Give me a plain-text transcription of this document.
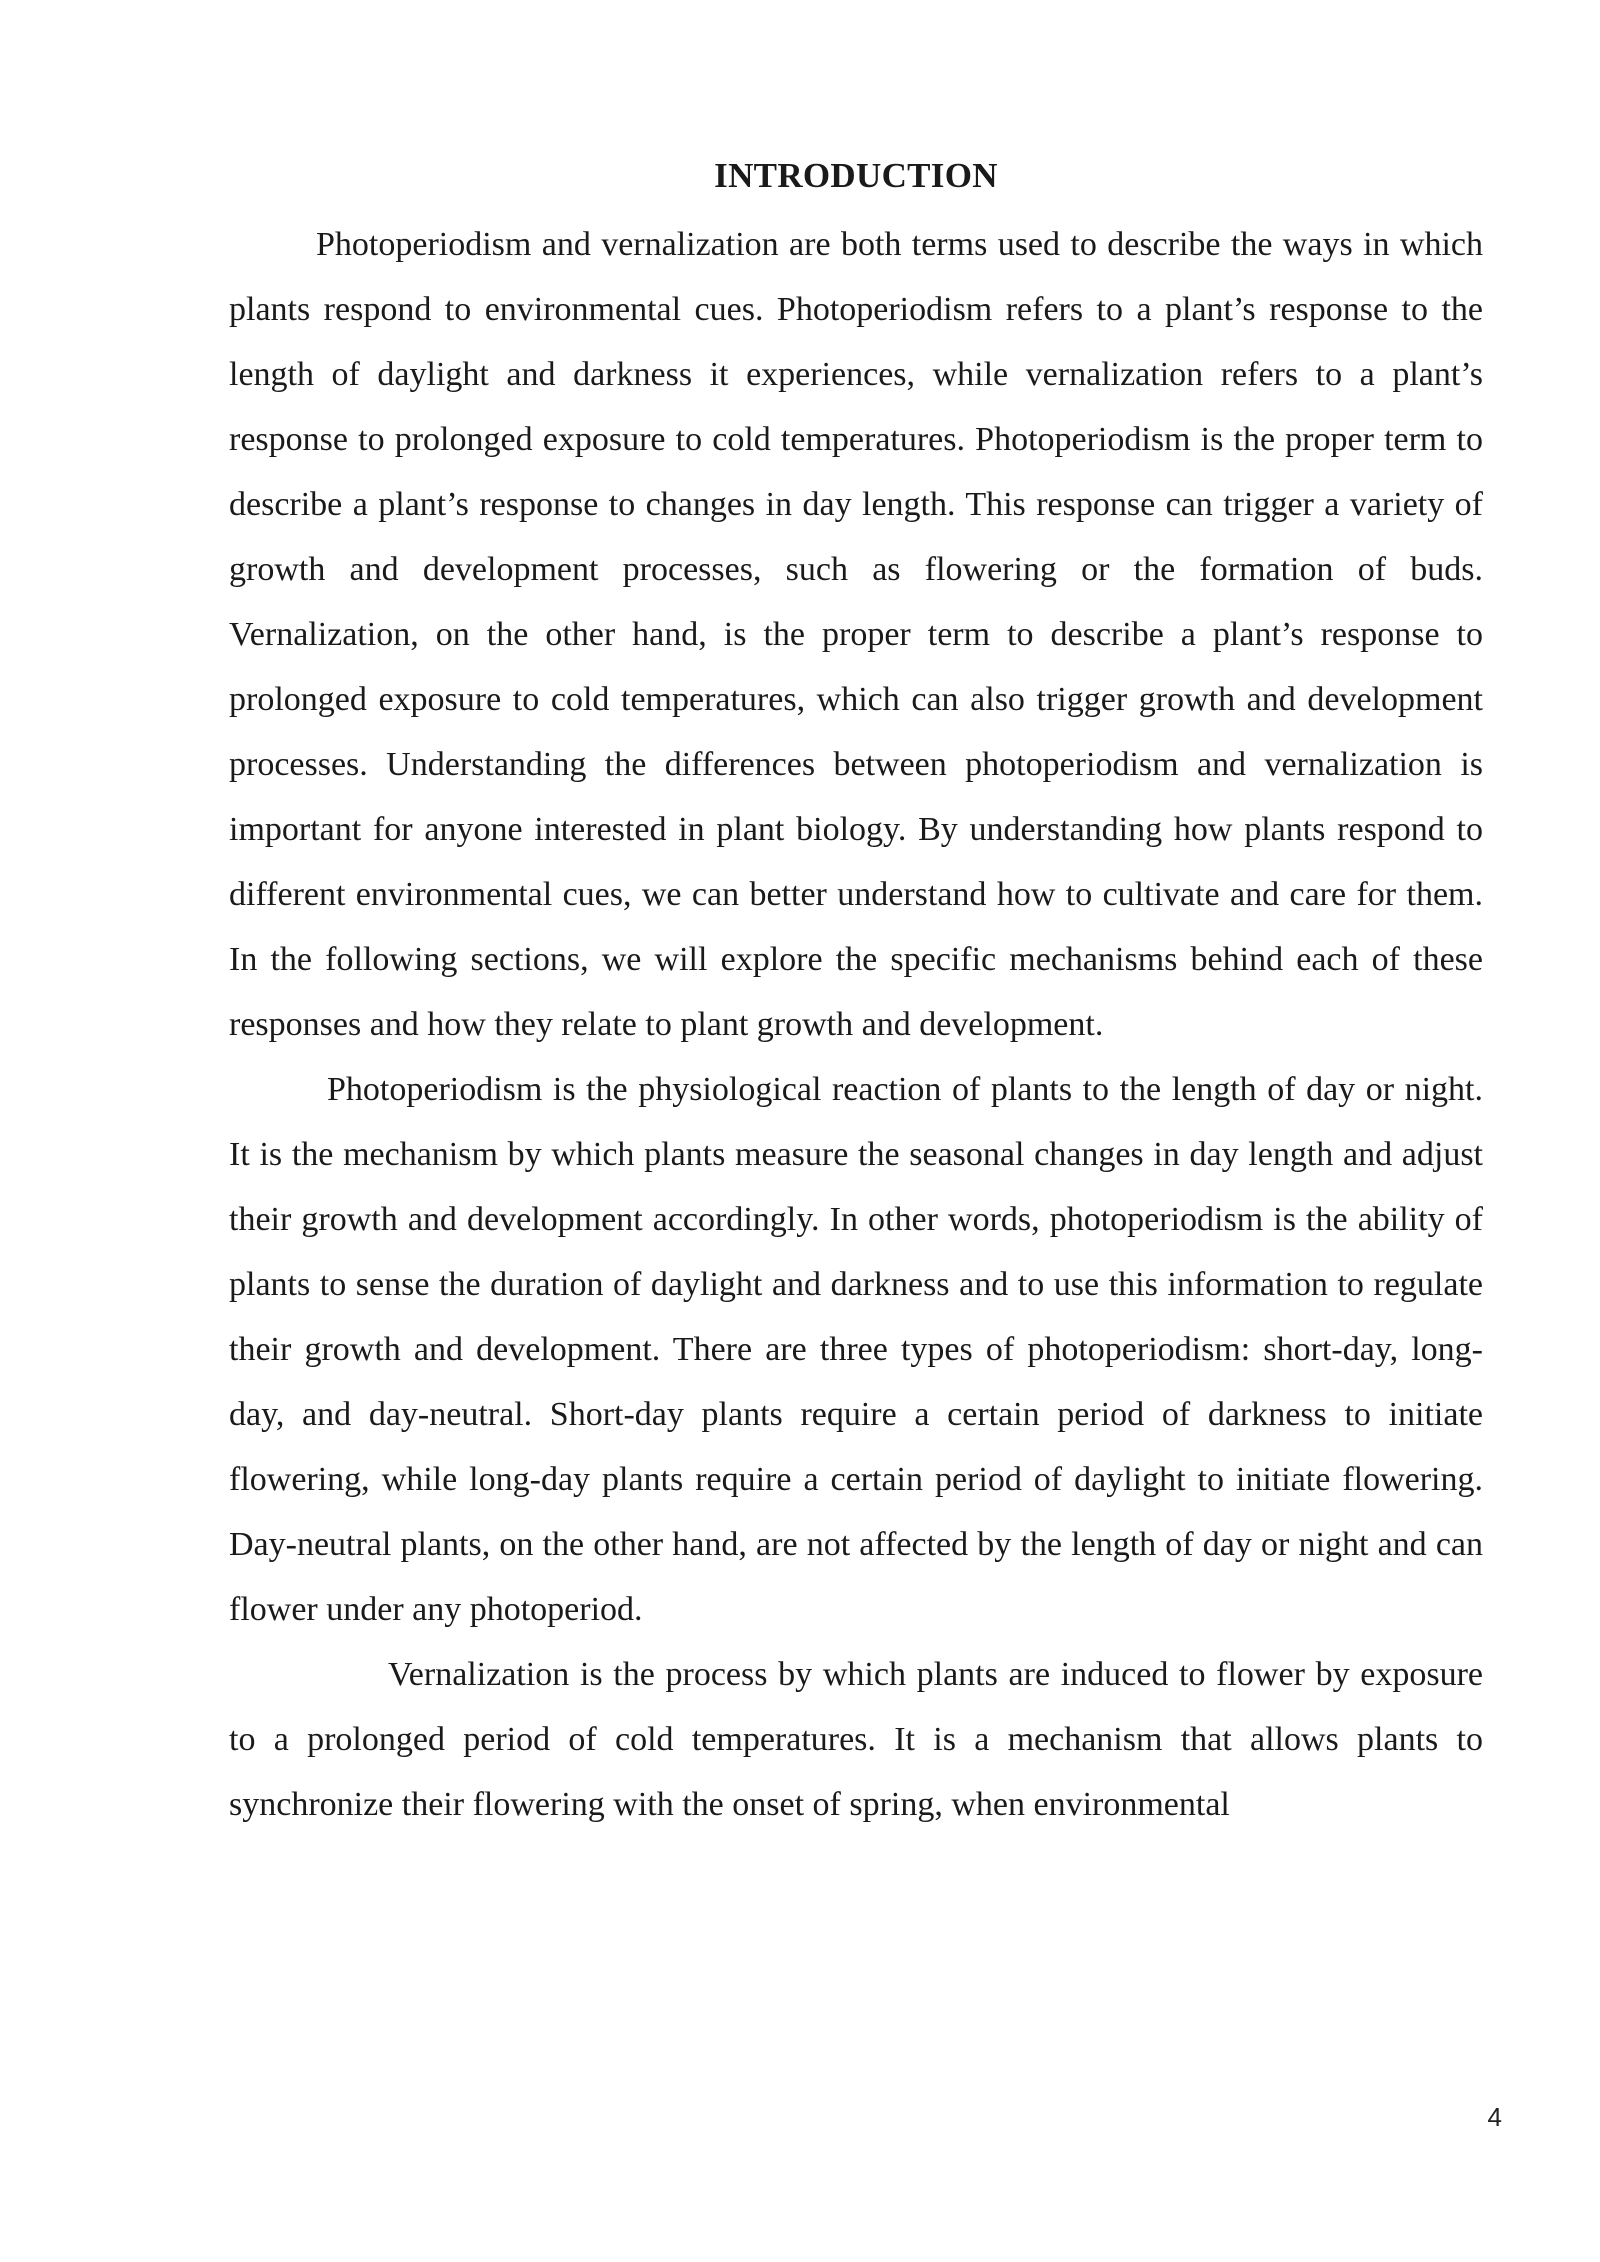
INTRODUCTION

Photoperiodism and vernalization are both terms used to describe the ways in which plants respond to environmental cues. Photoperiodism refers to a plant’s response to the length of daylight and darkness it experiences, while vernalization refers to a plant’s response to prolonged exposure to cold temperatures. Photoperiodism is the proper term to describe a plant’s response to changes in day length. This response can trigger a variety of growth and development processes, such as flowering or the formation of buds. Vernalization, on the other hand, is the proper term to describe a plant’s response to prolonged exposure to cold temperatures, which can also trigger growth and development processes. Understanding the differences between photoperiodism and vernalization is important for anyone interested in plant biology. By understanding how plants respond to different environmental cues, we can better understand how to cultivate and care for them. In the following sections, we will explore the specific mechanisms behind each of these responses and how they relate to plant growth and development.

Photoperiodism is the physiological reaction of plants to the length of day or night. It is the mechanism by which plants measure the seasonal changes in day length and adjust their growth and development accordingly. In other words, photoperiodism is the ability of plants to sense the duration of daylight and darkness and to use this information to regulate their growth and development. There are three types of photoperiodism: short-day, long-day, and day-neutral. Short-day plants require a certain period of darkness to initiate flowering, while long-day plants require a certain period of daylight to initiate flowering. Day-neutral plants, on the other hand, are not affected by the length of day or night and can flower under any photoperiod.

Vernalization is the process by which plants are induced to flower by exposure to a prolonged period of cold temperatures. It is a mechanism that allows plants to synchronize their flowering with the onset of spring, when environmental

4
